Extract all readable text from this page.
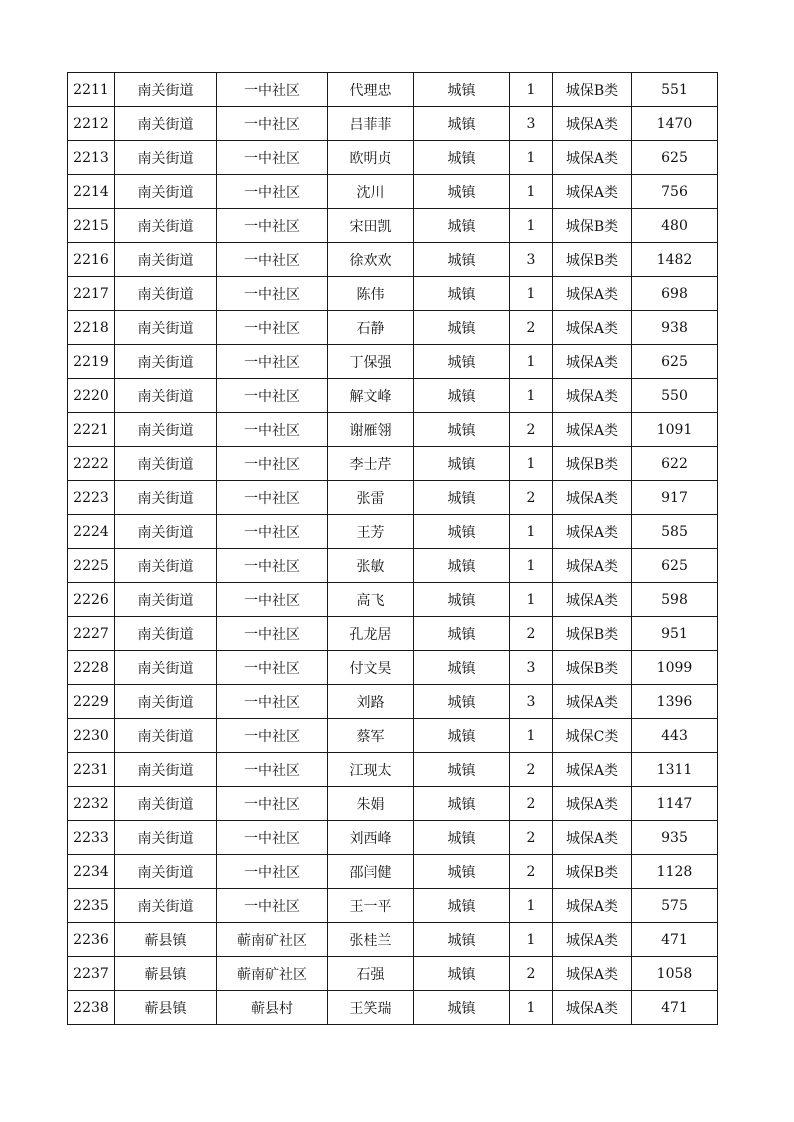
2211	南关街道	一中社区	代理忠	城镇	1	城保B类	551
2212	南关街道	一中社区	吕菲菲	城镇	3	城保A类	1470
2213	南关街道	一中社区	欧明贞	城镇	1	城保A类	625
2214	南关街道	一中社区	沈川	城镇	1	城保A类	756
2215	南关街道	一中社区	宋田凯	城镇	1	城保B类	480
2216	南关街道	一中社区	徐欢欢	城镇	3	城保B类	1482
2217	南关街道	一中社区	陈伟	城镇	1	城保A类	698
2218	南关街道	一中社区	石静	城镇	2	城保A类	938
2219	南关街道	一中社区	丁保强	城镇	1	城保A类	625
2220	南关街道	一中社区	解文峰	城镇	1	城保A类	550
2221	南关街道	一中社区	谢雁翎	城镇	2	城保A类	1091
2222	南关街道	一中社区	李士芹	城镇	1	城保B类	622
2223	南关街道	一中社区	张雷	城镇	2	城保A类	917
2224	南关街道	一中社区	王芳	城镇	1	城保A类	585
2225	南关街道	一中社区	张敏	城镇	1	城保A类	625
2226	南关街道	一中社区	高飞	城镇	1	城保A类	598
2227	南关街道	一中社区	孔龙居	城镇	2	城保B类	951
2228	南关街道	一中社区	付文昊	城镇	3	城保B类	1099
2229	南关街道	一中社区	刘路	城镇	3	城保A类	1396
2230	南关街道	一中社区	蔡军	城镇	1	城保C类	443
2231	南关街道	一中社区	江现太	城镇	2	城保A类	1311
2232	南关街道	一中社区	朱娟	城镇	2	城保A类	1147
2233	南关街道	一中社区	刘西峰	城镇	2	城保A类	935
2234	南关街道	一中社区	邵闫健	城镇	2	城保B类	1128
2235	南关街道	一中社区	王一平	城镇	1	城保A类	575
2236	蕲县镇	蕲南矿社区	张桂兰	城镇	1	城保A类	471
2237	蕲县镇	蕲南矿社区	石强	城镇	2	城保A类	1058
2238	蕲县镇	蕲县村	王笑瑞	城镇	1	城保A类	471
